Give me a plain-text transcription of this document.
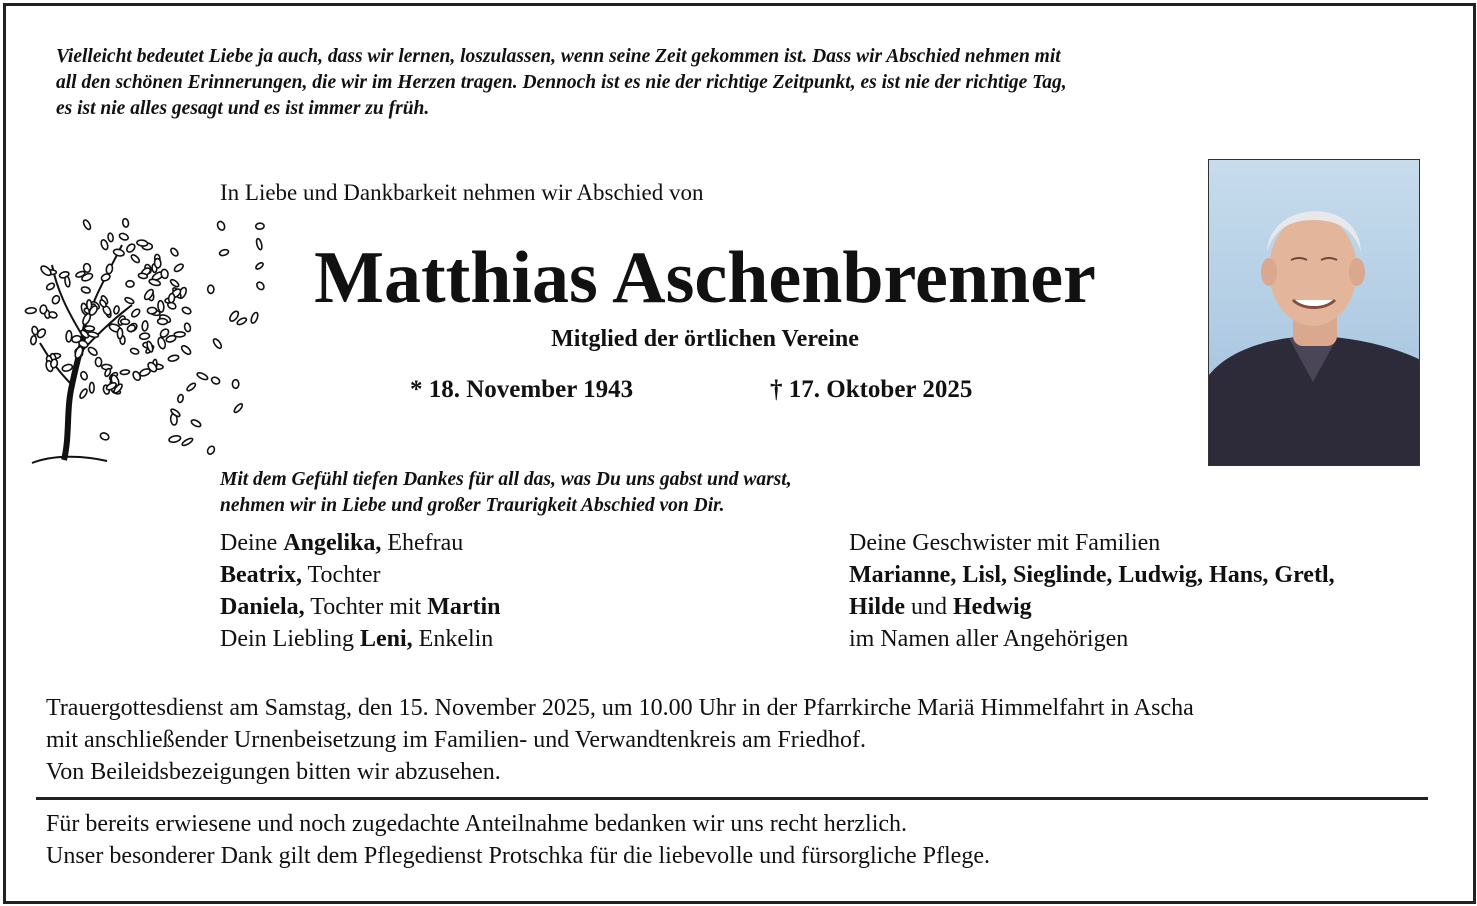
Vielleicht bedeutet Liebe ja auch, dass wir lernen, loszulassen, wenn seine Zeit gekommen ist. Dass wir Abschied nehmen mit
all den schönen Erinnerungen, die wir im Herzen tragen. Dennoch ist es nie der richtige Zeitpunkt, es ist nie der richtige Tag,
es ist nie alles gesagt und es ist immer zu früh.
In Liebe und Dankbarkeit nehmen wir Abschied von
Matthias Aschenbrenner
Mitglied der örtlichen Vereine
* 18. November 1943	† 17. Oktober 2025
Mit dem Gefühl tiefen Dankes für all das, was Du uns gabst und warst,
nehmen wir in Liebe und großer Traurigkeit Abschied von Dir.
Deine Angelika, Ehefrau
Beatrix, Tochter
Daniela, Tochter mit Martin
Dein Liebling Leni, Enkelin
Deine Geschwister mit Familien
Marianne, Lisl, Sieglinde, Ludwig, Hans, Gretl,
Hilde und Hedwig
im Namen aller Angehörigen
Trauergottesdienst am Samstag, den 15. November 2025, um 10.00 Uhr in der Pfarrkirche Mariä Himmelfahrt in Ascha
mit anschließender Urnenbeisetzung im Familien- und Verwandtenkreis am Friedhof.
Von Beileidsbezeigungen bitten wir abzusehen.
Für bereits erwiesene und noch zugedachte Anteilnahme bedanken wir uns recht herzlich.
Unser besonderer Dank gilt dem Pflegedienst Protschka für die liebevolle und fürsorgliche Pflege.
